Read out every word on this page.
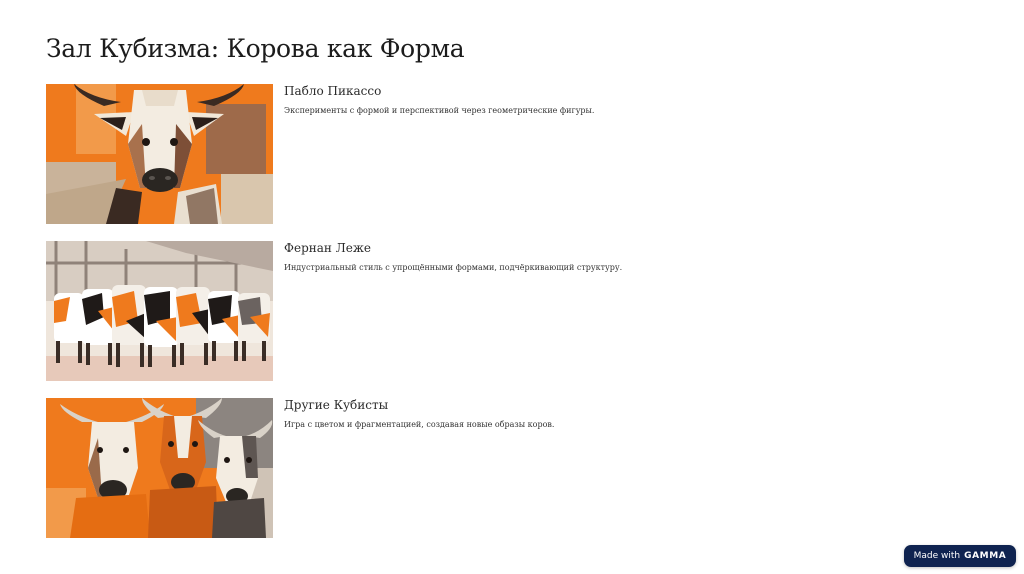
Зал Кубизма: Корова как Форма
Пабло Пикассо
Эксперименты с формой и перспективой через геометрические фигуры.
Фернан Леже
Индустриальный стиль с упрощёнными формами, подчёркивающий структуру.
Другие Кубисты
Игра с цветом и фрагментацией, создавая новые образы коров.
Made with GAMMA
